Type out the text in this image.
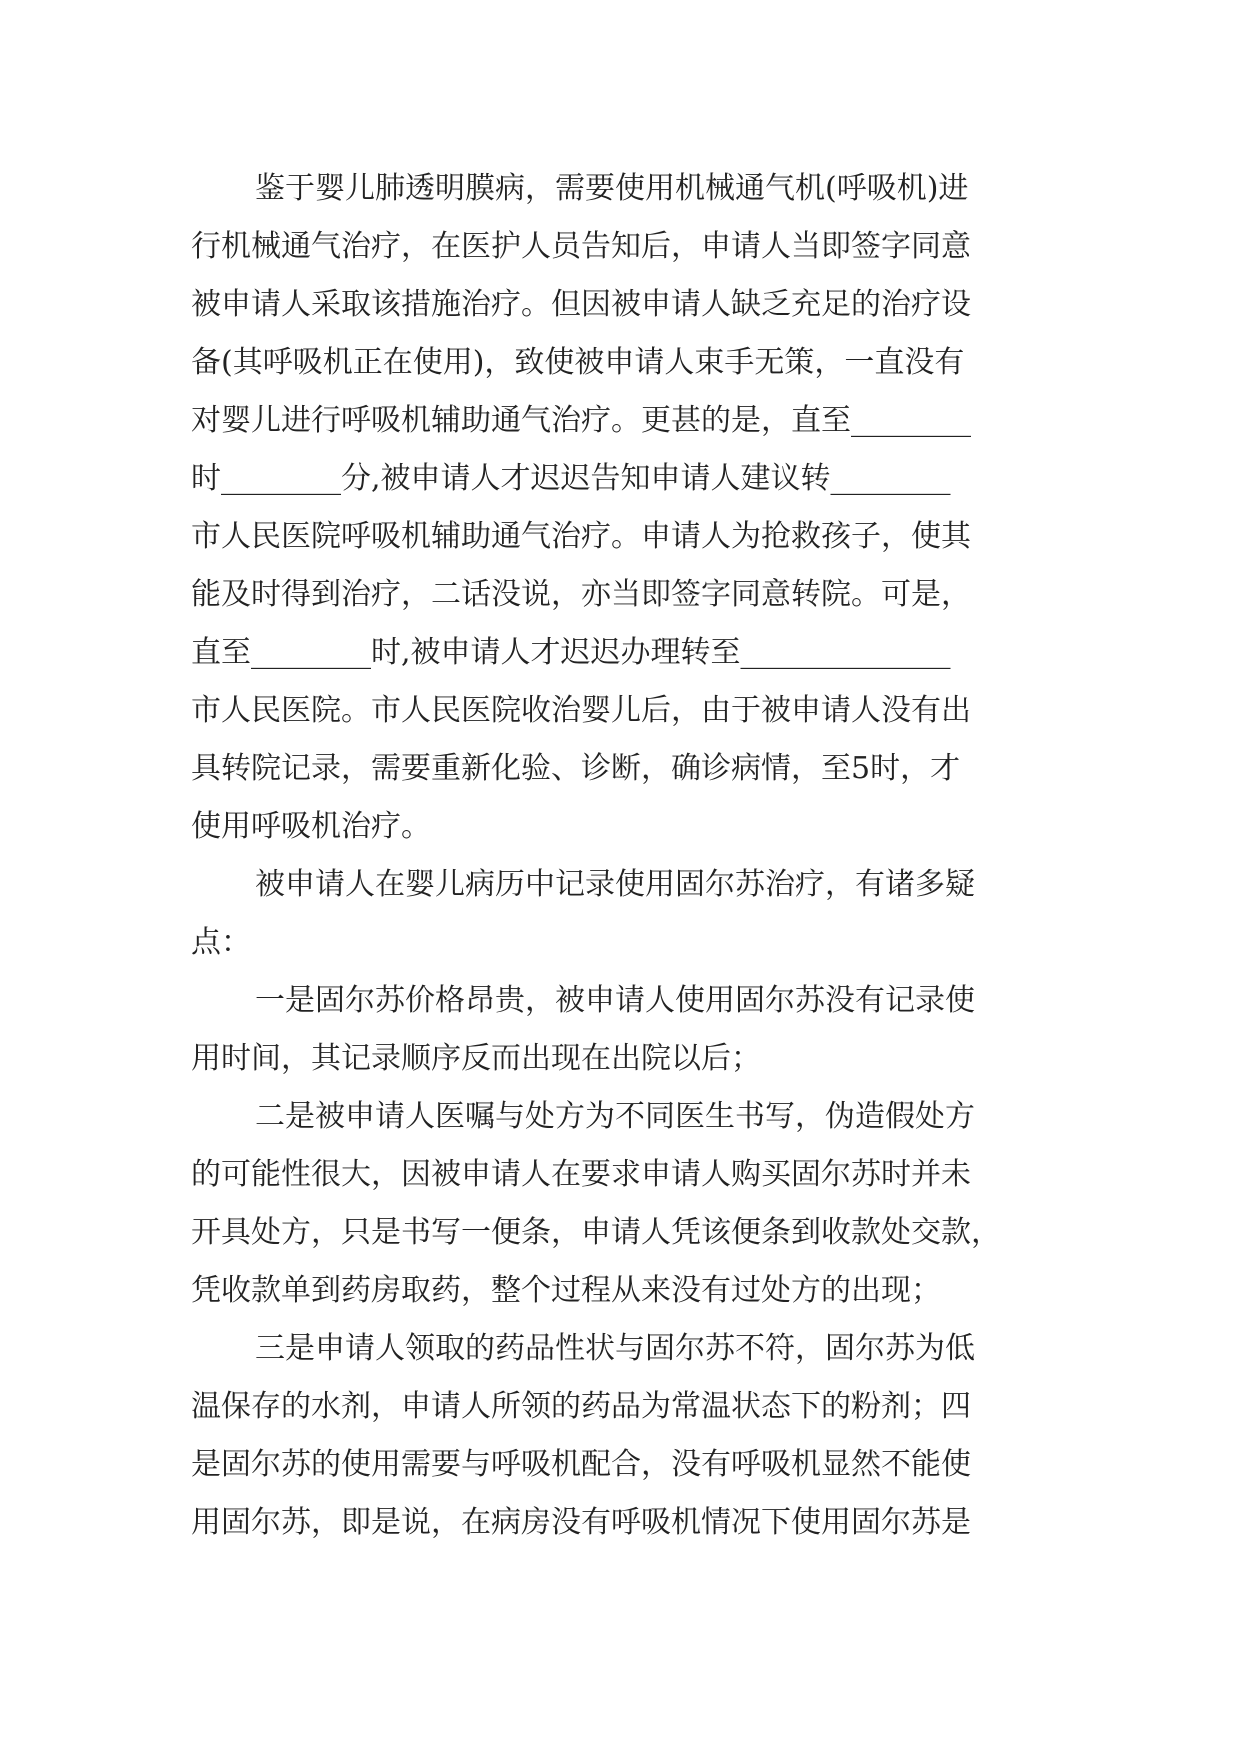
鉴于婴儿肺透明膜病，需要使用机械通气机(呼吸机)进
行机械通气治疗，在医护人员告知后，申请人当即签字同意
被申请人采取该措施治疗。但因被申请人缺乏充足的治疗设
备(其呼吸机正在使用)，致使被申请人束手无策，一直没有
对婴儿进行呼吸机辅助通气治疗。更甚的是，直至________
时________分,被申请人才迟迟告知申请人建议转________
市人民医院呼吸机辅助通气治疗。申请人为抢救孩子，使其
能及时得到治疗，二话没说，亦当即签字同意转院。可是，
直至________时,被申请人才迟迟办理转至______________
市人民医院。市人民医院收治婴儿后，由于被申请人没有出
具转院记录，需要重新化验、诊断，确诊病情，至5时，才
使用呼吸机治疗。
被申请人在婴儿病历中记录使用固尔苏治疗，有诸多疑
点：
一是固尔苏价格昂贵，被申请人使用固尔苏没有记录使
用时间，其记录顺序反而出现在出院以后；
二是被申请人医嘱与处方为不同医生书写，伪造假处方
的可能性很大，因被申请人在要求申请人购买固尔苏时并未
开具处方，只是书写一便条，申请人凭该便条到收款处交款，
凭收款单到药房取药，整个过程从来没有过处方的出现；
三是申请人领取的药品性状与固尔苏不符，固尔苏为低
温保存的水剂，申请人所领的药品为常温状态下的粉剂；四
是固尔苏的使用需要与呼吸机配合，没有呼吸机显然不能使
用固尔苏，即是说，在病房没有呼吸机情况下使用固尔苏是
